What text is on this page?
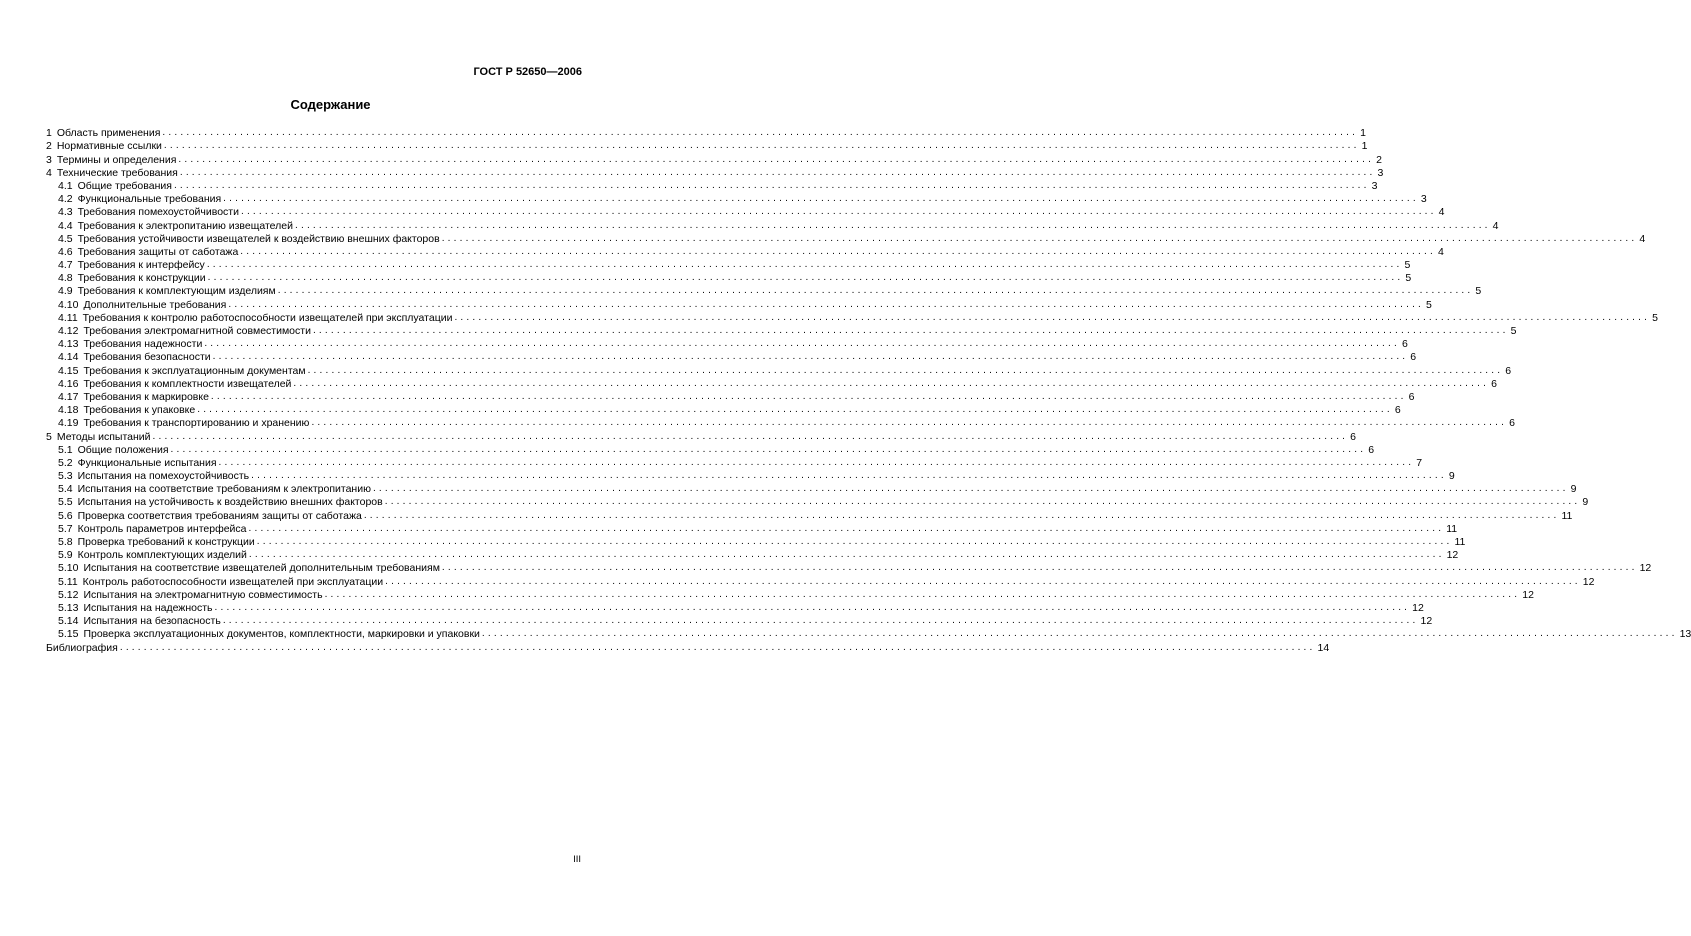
ГОСТ Р 52650—2006
Содержание
1 Область применения ........................................................................................................................................................................................................ 1
2 Нормативные ссылки ........................................................................................................................................................................................................ 1
3 Термины и определения ........................................................................................................................................................................................................ 2
4 Технические требования ........................................................................................................................................................................................................ 3
4.1 Общие требования ........................................................................................................................................................................................................ 3
4.2 Функциональные требования ........................................................................................................................................................................................................ 3
4.3 Требования помехоустойчивости ........................................................................................................................................................................................................ 4
4.4 Требования к электропитанию извещателей ........................................................................................................................................................................................................ 4
4.5 Требования устойчивости извещателей к воздействию внешних факторов ........................................................................................................................................................................................................ 4
4.6 Требования защиты от саботажа ........................................................................................................................................................................................................ 4
4.7 Требования к интерфейсу ........................................................................................................................................................................................................ 5
4.8 Требования к конструкции ........................................................................................................................................................................................................ 5
4.9 Требования к комплектующим изделиям ........................................................................................................................................................................................................ 5
4.10 Дополнительные требования ........................................................................................................................................................................................................ 5
4.11 Требования к контролю работоспособности извещателей при эксплуатации ........................................................................................................................................................................................................ 5
4.12 Требования электромагнитной совместимости ........................................................................................................................................................................................................ 5
4.13 Требования надежности ........................................................................................................................................................................................................ 6
4.14 Требования безопасности ........................................................................................................................................................................................................ 6
4.15 Требования к эксплуатационным документам ........................................................................................................................................................................................................ 6
4.16 Требования к комплектности извещателей ........................................................................................................................................................................................................ 6
4.17 Требования к маркировке ........................................................................................................................................................................................................ 6
4.18 Требования к упаковке ........................................................................................................................................................................................................ 6
4.19 Требования к транспортированию и хранению ........................................................................................................................................................................................................ 6
5 Методы испытаний ........................................................................................................................................................................................................ 6
5.1 Общие положения ........................................................................................................................................................................................................ 6
5.2 Функциональные испытания ........................................................................................................................................................................................................ 7
5.3 Испытания на помехоустойчивость ........................................................................................................................................................................................................ 9
5.4 Испытания на соответствие требованиям к электропитанию ........................................................................................................................................................................................................ 9
5.5 Испытания на устойчивость к воздействию внешних факторов ........................................................................................................................................................................................................ 9
5.6 Проверка соответствия требованиям защиты от саботажа ........................................................................................................................................................................................................ 11
5.7 Контроль параметров интерфейса ........................................................................................................................................................................................................ 11
5.8 Проверка требований к конструкции ........................................................................................................................................................................................................ 11
5.9 Контроль комплектующих изделий ........................................................................................................................................................................................................ 12
5.10 Испытания на соответствие извещателей дополнительным требованиям ........................................................................................................................................................................................................ 12
5.11 Контроль работоспособности извещателей при эксплуатации ........................................................................................................................................................................................................ 12
5.12 Испытания на электромагнитную совместимость ........................................................................................................................................................................................................ 12
5.13 Испытания на надежность ........................................................................................................................................................................................................ 12
5.14 Испытания на безопасность ........................................................................................................................................................................................................ 12
5.15 Проверка эксплуатационных документов, комплектности, маркировки и упаковки ........................................................................................................................................................................................................ 13
Библиография ........................................................................................................................................................................................................ 14
III
